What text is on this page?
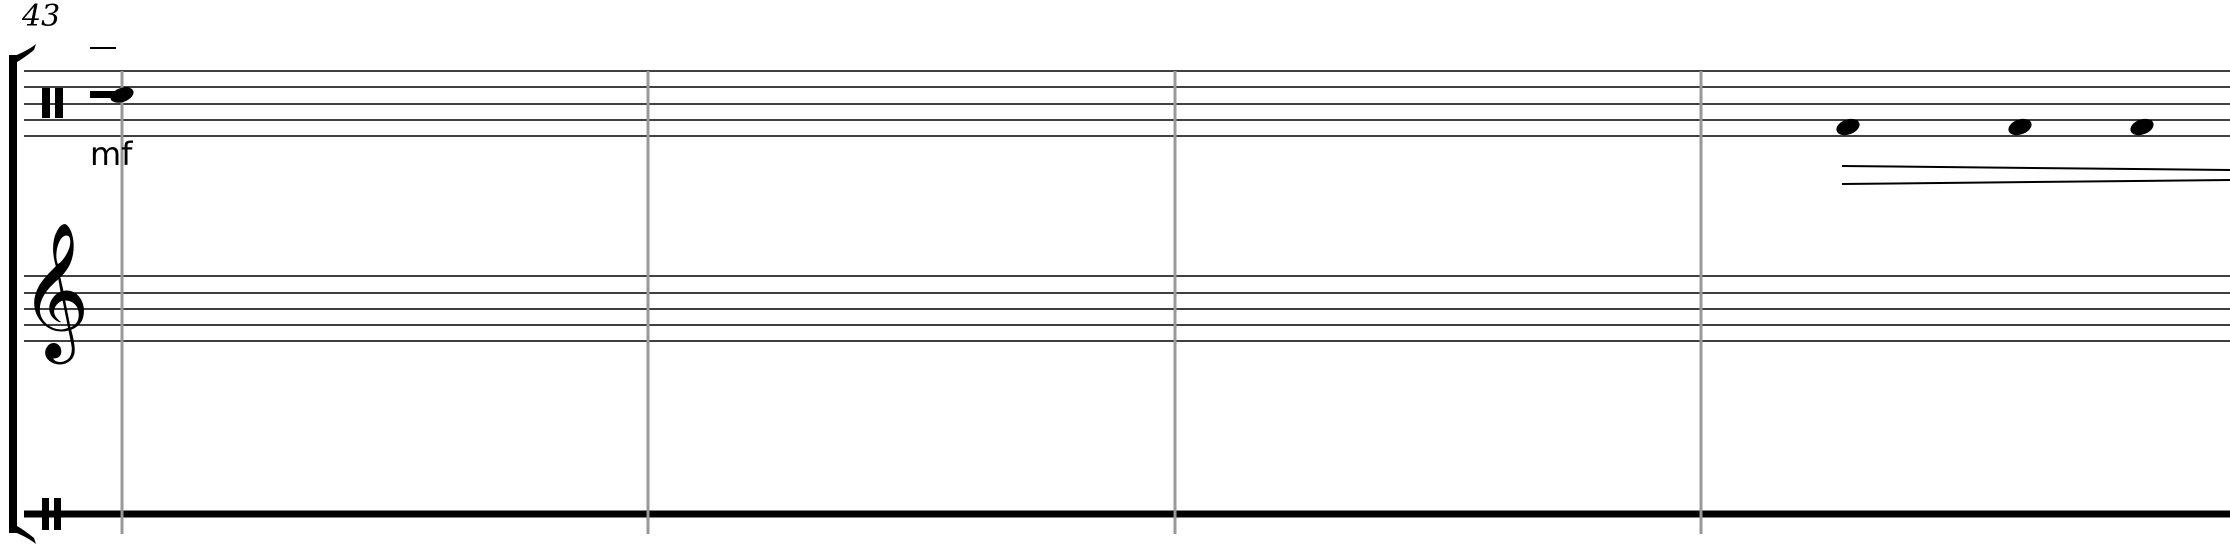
43
mf
𝄞
